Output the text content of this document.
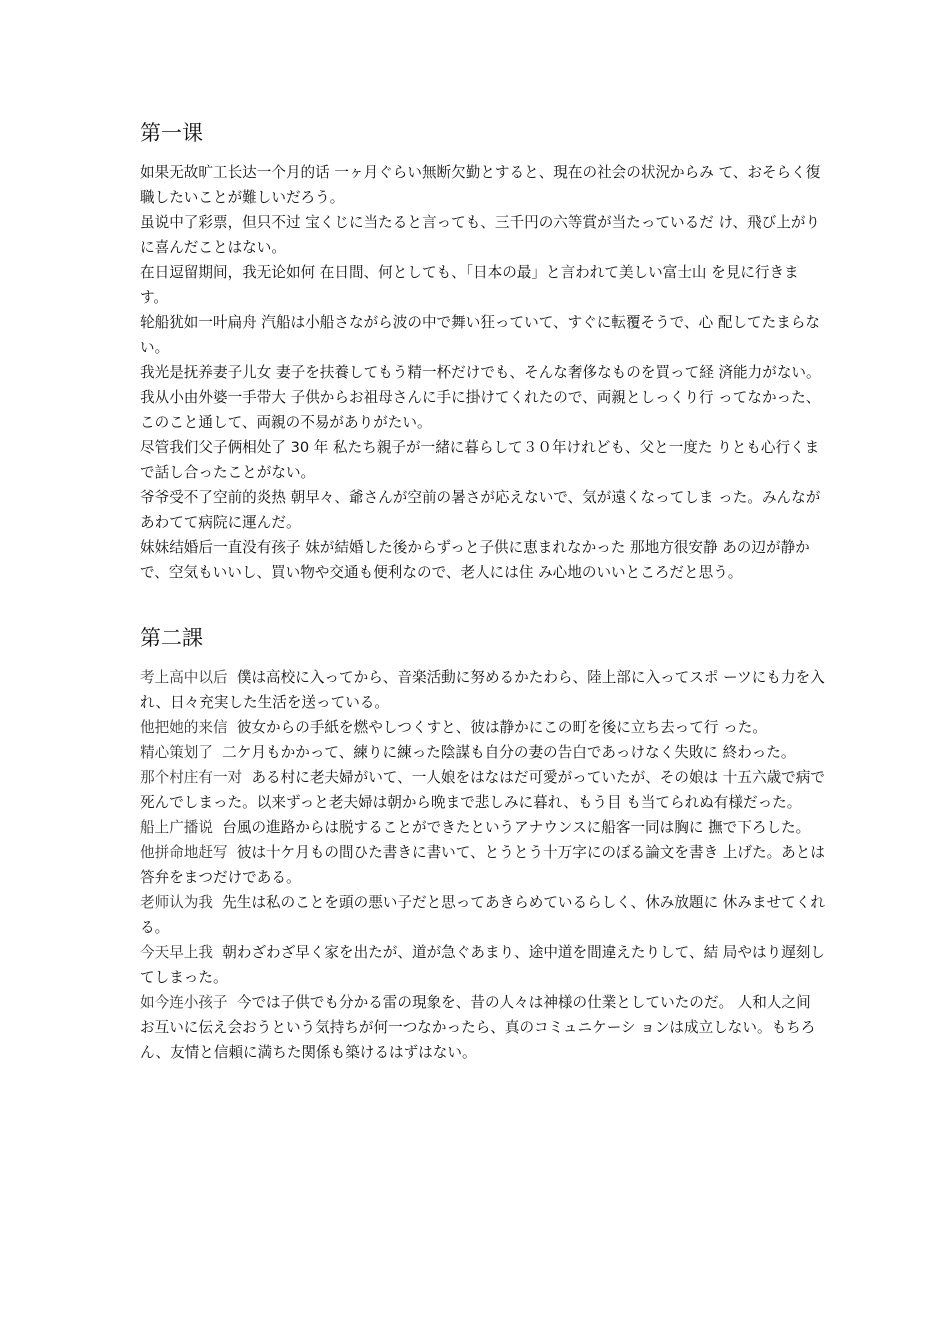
第一课
如果无故旷工长达一个月的话 一ヶ月ぐらい無断欠勤とすると、現在の社会の状況からみ て、おそらく復職したいことが難しいだろう。
虽说中了彩票，但只不过 宝くじに当たると言っても、三千円の六等賞が当たっているだ け、飛び上がりに喜んだことはない。
在日逗留期间，我无论如何 在日間、何としても、「日本の最」と言われて美しい富士山 を見に行きます。
轮船犹如一叶扁舟 汽船は小船さながら波の中で舞い狂っていて、すぐに転覆そうで、心 配してたまらない。
我光是抚养妻子儿女 妻子を扶養してもう精一杯だけでも、そんな奢侈なものを買って経 済能力がない。
我从小由外婆一手带大 子供からお祖母さんに手に掛けてくれたので、両親としっくり行 ってなかった、このこと通して、両親の不易がありがたい。
尽管我们父子俩相处了 30 年 私たち親子が一緒に暮らして３０年けれども、父と一度た りとも心行くまで話し合ったことがない。
爷爷受不了空前的炎热 朝早々、爺さんが空前の暑さが応えないで、気が遠くなってしま った。みんながあわてて病院に運んだ。
妹妹结婚后一直没有孩子 妹が結婚した後からずっと子供に恵まれなかった 那地方很安静 あの辺が静かで、空気もいいし、買い物や交通も便利なので、老人には住 み心地のいいところだと思う。
第二課
考上高中以后 僕は高校に入ってから、音楽活動に努めるかたわら、陸上部に入ってスポ ーツにも力を入れ、日々充実した生活を送っている。
他把她的来信 彼女からの手紙を燃やしつくすと、彼は静かにこの町を後に立ち去って行 った。
精心策划了 二ケ月もかかって、練りに練った陰謀も自分の妻の告白であっけなく失敗に 終わった。
那个村庄有一对 ある村に老夫婦がいて、一人娘をはなはだ可愛がっていたが、その娘は 十五六歳で病で死んでしまった。以来ずっと老夫婦は朝から晩まで悲しみに暮れ、もう目 も当てられぬ有様だった。
船上广播说 台風の進路からは脱することができたというアナウンスに船客一同は胸に 撫で下ろした。
他拼命地赶写 彼は十ケ月もの間ひた書きに書いて、とうとう十万字にのぼる論文を書き 上げた。あとは答弁をまつだけである。
老师认为我 先生は私のことを頭の悪い子だと思ってあきらめているらしく、休み放題に 休みませてくれる。
今天早上我 朝わざわざ早く家を出たが、道が急ぐあまり、途中道を間違えたりして、結 局やはり遅刻してしまった。
如今连小孩子 今では子供でも分かる雷の現象を、昔の人々は神様の仕業としていたのだ。 人和人之间 お互いに伝え会おうという気持ちが何一つなかったら、真のコミュニケーシ ョンは成立しない。もちろん、友情と信頼に満ちた関係も築けるはずはない。
